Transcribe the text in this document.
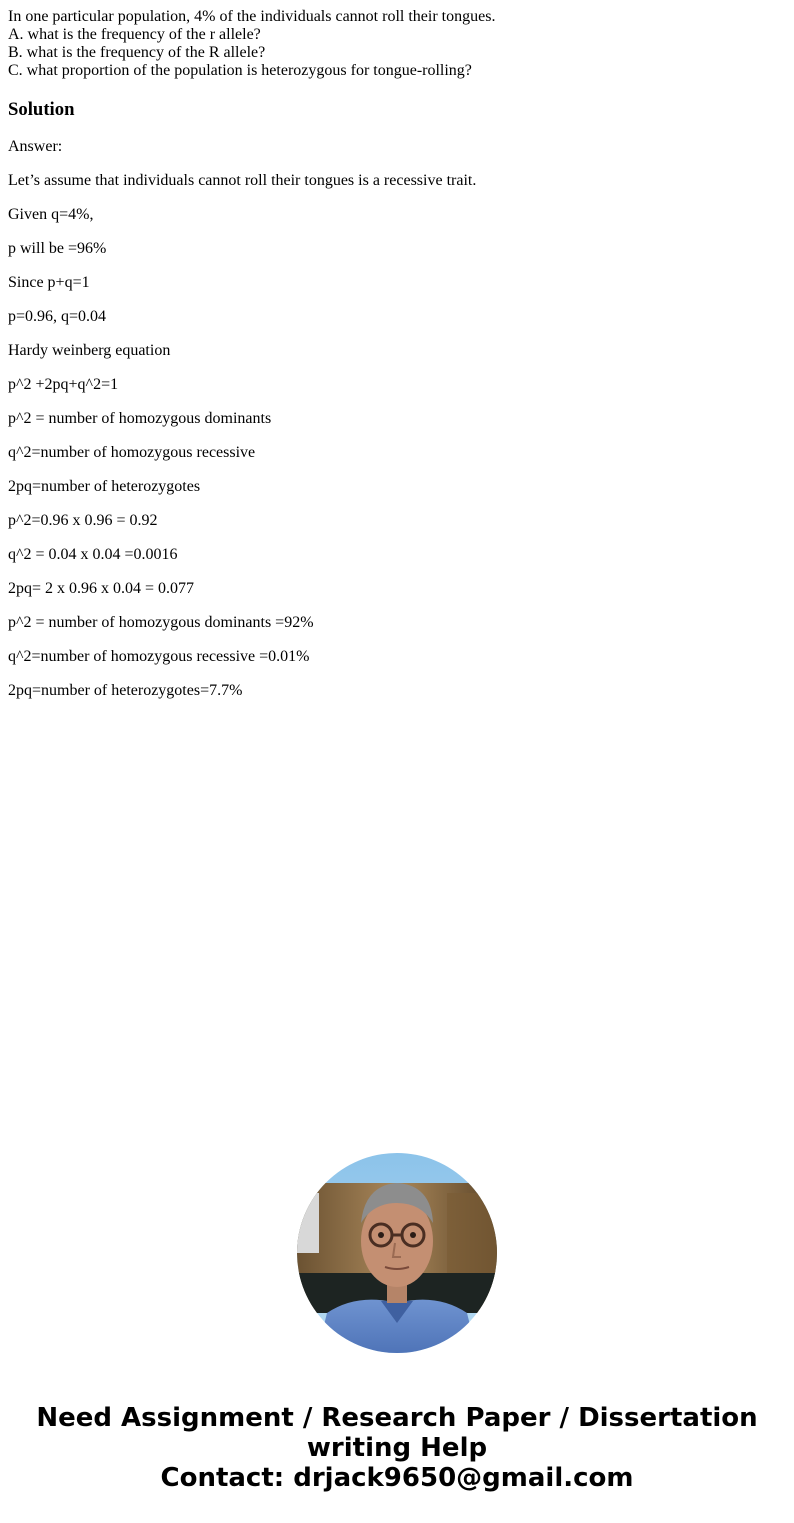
In one particular population, 4% of the individuals cannot roll their tongues.
A. what is the frequency of the r allele?
B. what is the frequency of the R allele?
C. what proportion of the population is heterozygous for tongue-rolling?
Solution

Answer:

Let’s assume that individuals cannot roll their tongues is a recessive trait.

Given q=4%,

p will be =96%

Since p+q=1

p=0.96, q=0.04

Hardy weinberg equation

p^2 +2pq+q^2=1

p^2 = number of homozygous dominants

q^2=number of homozygous recessive

2pq=number of heterozygotes

p^2=0.96 x 0.96 = 0.92

q^2 = 0.04 x 0.04 =0.0016

2pq= 2 x 0.96 x 0.04 = 0.077

p^2 = number of homozygous dominants =92%

q^2=number of homozygous recessive =0.01%

2pq=number of heterozygotes=7.7%

Need Assignment / Research Paper / Dissertation
writing Help
Contact: drjack9650@gmail.com
